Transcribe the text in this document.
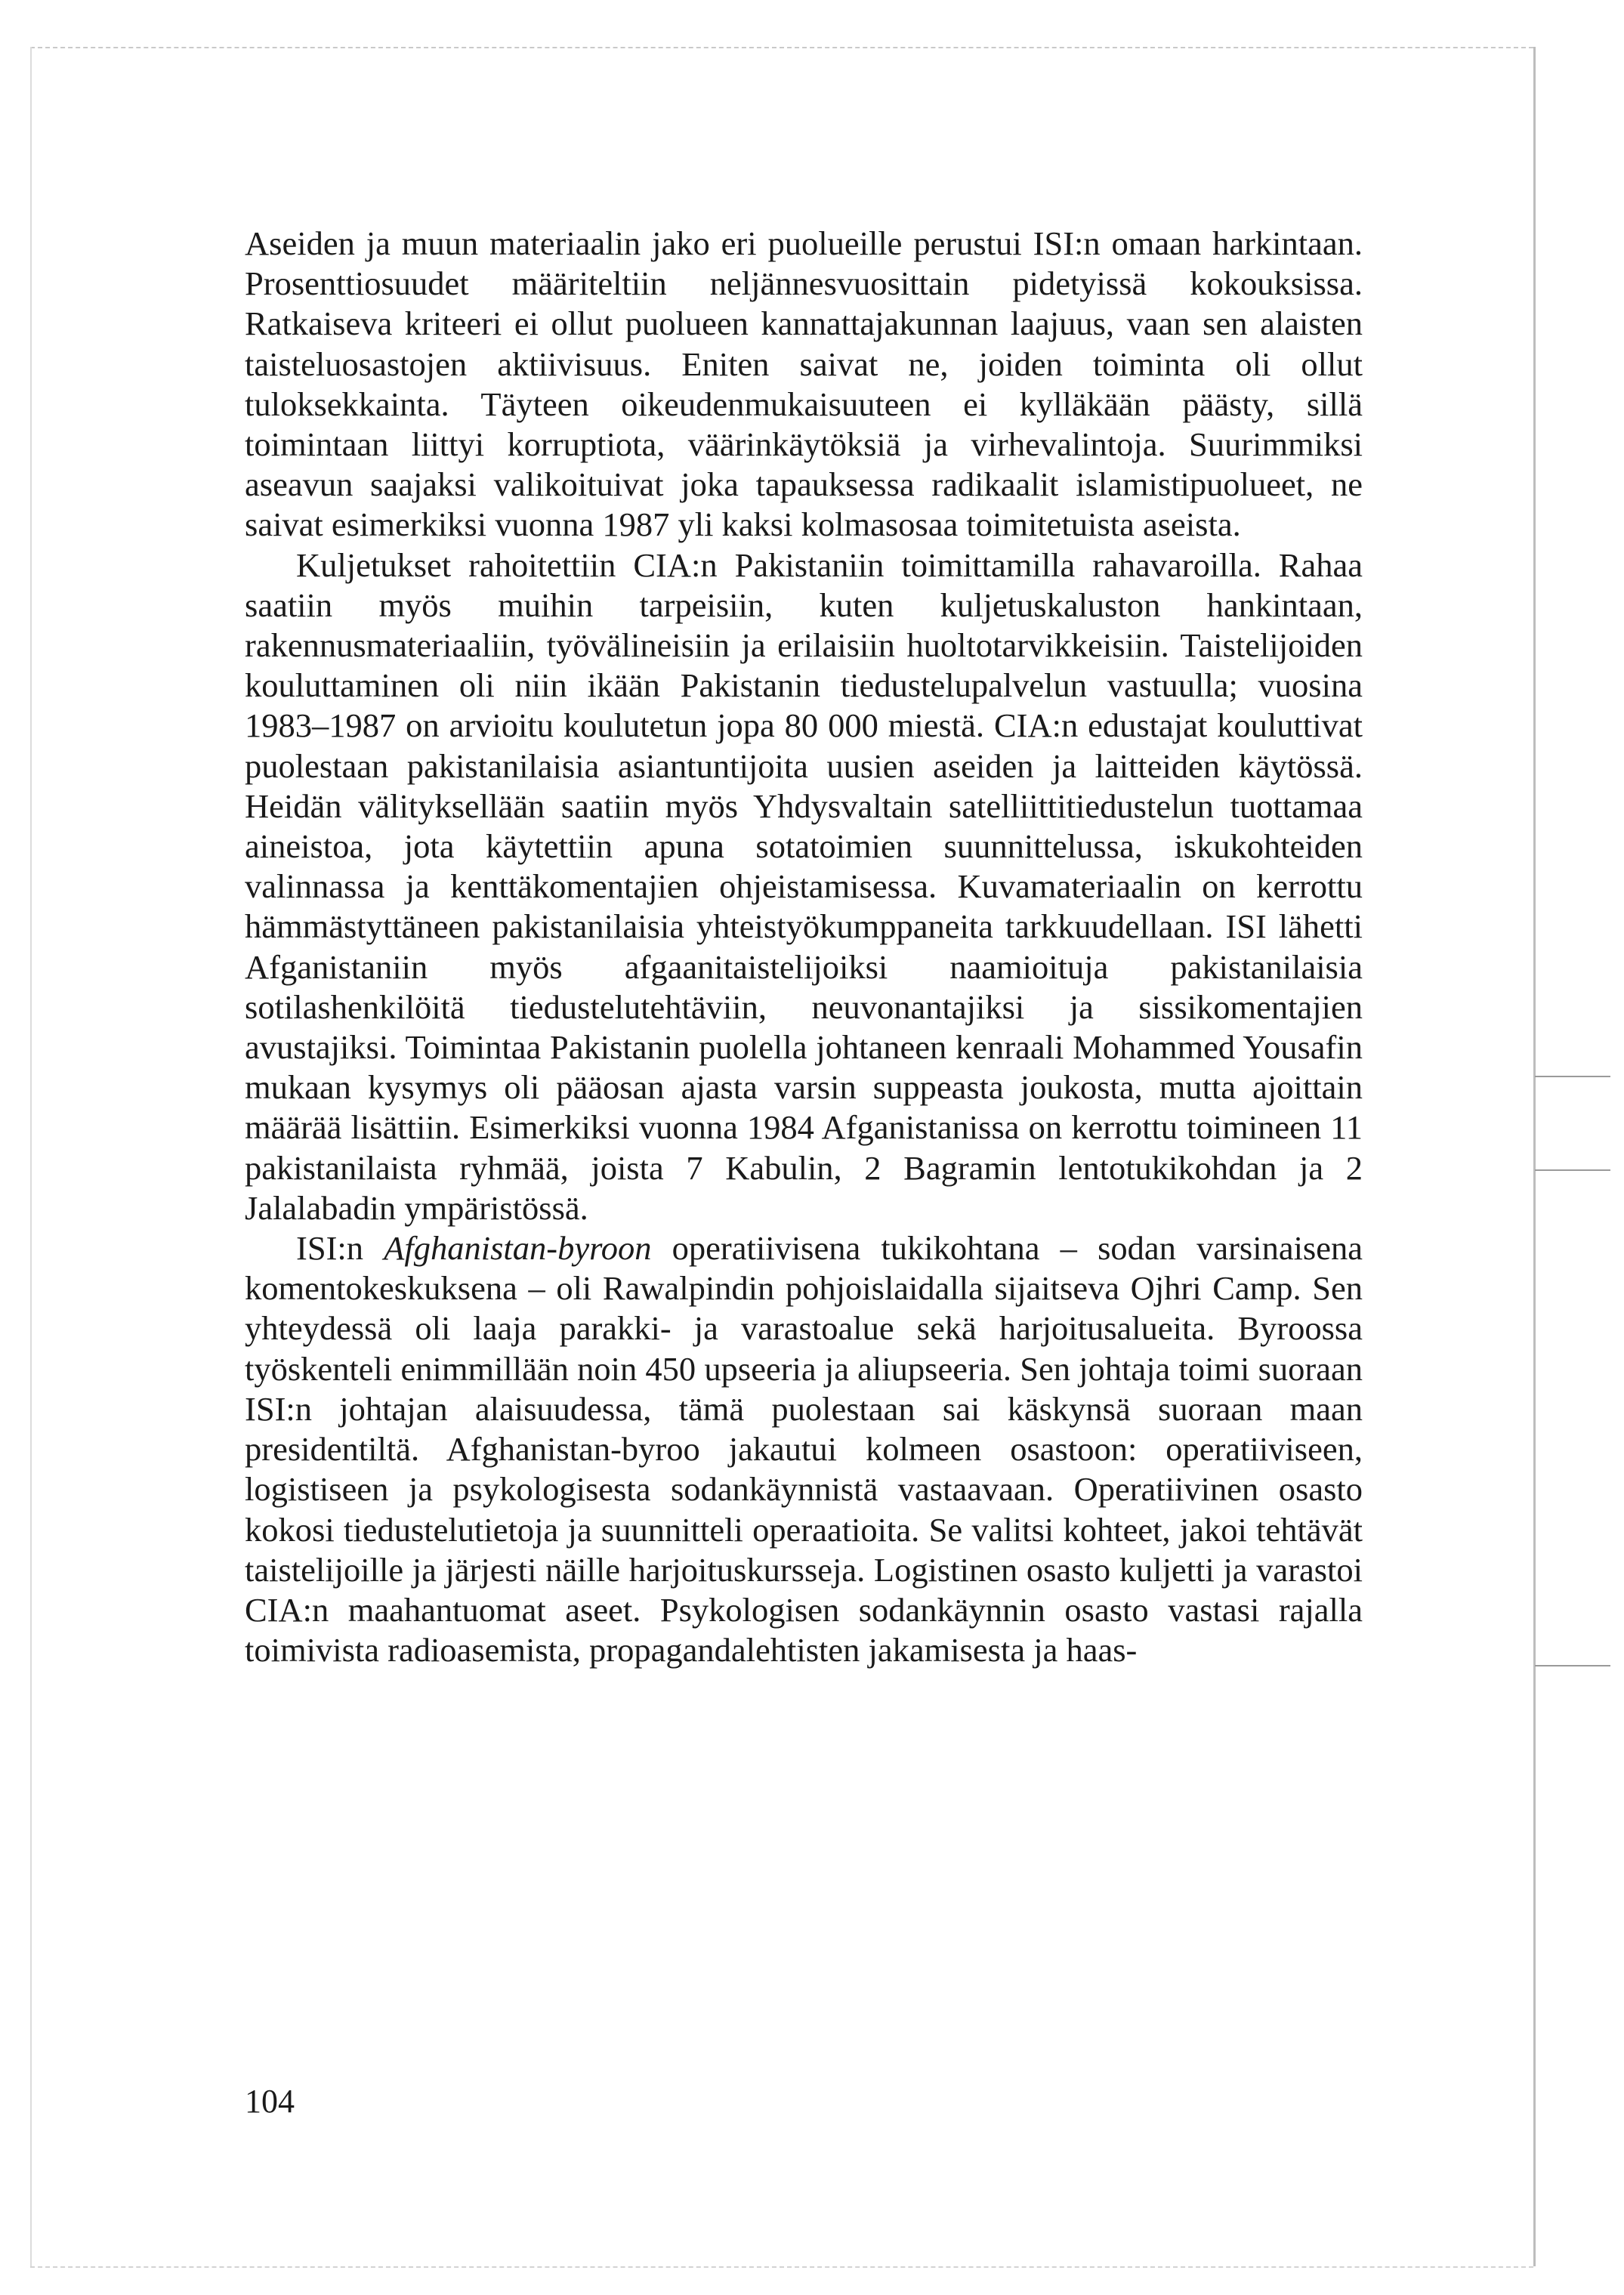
Aseiden ja muun materiaalin jako eri puolueille perustui ISI:n omaan harkintaan. Prosenttiosuudet määriteltiin neljännesvuosittain pidetyissä kokouksissa. Ratkaiseva kriteeri ei ollut puolueen kannattajakunnan laajuus, vaan sen alaisten taisteluosastojen aktiivisuus. Eniten saivat ne, joiden toiminta oli ollut tuloksekkainta. Täyteen oikeudenmukaisuuteen ei kylläkään päästy, sillä toimintaan liittyi korruptiota, väärinkäytöksiä ja virhevalintoja. Suurimmiksi aseavun saajaksi valikoituivat joka tapauksessa radikaalit islamistipuolueet, ne saivat esimerkiksi vuonna 1987 yli kaksi kolmasosaa toimitetuista aseista.

Kuljetukset rahoitettiin CIA:n Pakistaniin toimittamilla rahavaroilla. Rahaa saatiin myös muihin tarpeisiin, kuten kuljetuskaluston hankintaan, rakennusmateriaaliin, työvälineisiin ja erilaisiin huoltotarvikkeisiin. Taistelijoiden kouluttaminen oli niin ikään Pakistanin tiedustelupalvelun vastuulla; vuosina 1983–1987 on arvioitu koulutetun jopa 80 000 miestä. CIA:n edustajat kouluttivat puolestaan pakistanilaisia asiantuntijoita uusien aseiden ja laitteiden käytössä. Heidän välityksellään saatiin myös Yhdysvaltain satelliittitiedustelun tuottamaa aineistoa, jota käytettiin apuna sotatoimien suunnittelussa, iskukohteiden valinnassa ja kenttäkomentajien ohjeistamisessa. Kuvamateriaalin on kerrottu hämmästyttäneen pakistanilaisia yhteistyökumppaneita tarkkuudellaan. ISI lähetti Afganistaniin myös afgaanitaistelijoiksi naamioituja pakistanilaisia sotilashenkilöitä tiedustelutehtäviin, neuvonantajiksi ja sissikomentajien avustajiksi. Toimintaa Pakistanin puolella johtaneen kenraali Mohammed Yousafin mukaan kysymys oli pääosan ajasta varsin suppeasta joukosta, mutta ajoittain määrää lisättiin. Esimerkiksi vuonna 1984 Afganistanissa on kerrottu toimineen 11 pakistanilaista ryhmää, joista 7 Kabulin, 2 Bagramin lentotukikohdan ja 2 Jalalabadin ympäristössä.

ISI:n Afghanistan-byroon operatiivisena tukikohtana – sodan varsinaisena komentokeskuksena – oli Rawalpindin pohjoislaidalla sijaitseva Ojhri Camp. Sen yhteydessä oli laaja parakki- ja varastoalue sekä harjoitusalueita. Byroossa työskenteli enimmillään noin 450 upseeria ja aliupseeria. Sen johtaja toimi suoraan ISI:n johtajan alaisuudessa, tämä puolestaan sai käskynsä suoraan maan presidentiltä. Afghanistan-byroo jakautui kolmeen osastoon: operatiiviseen, logistiseen ja psykologisesta sodankäynnistä vastaavaan. Operatiivinen osasto kokosi tiedustelutietoja ja suunnitteli operaatioita. Se valitsi kohteet, jakoi tehtävät taistelijoille ja järjesti näille harjoituskursseja. Logistinen osasto kuljetti ja varastoi CIA:n maahantuomat aseet. Psykologisen sodankäynnin osasto vastasi rajalla toimivista radioasemista, propagandalehtisten jakamisesta ja haas-

104
